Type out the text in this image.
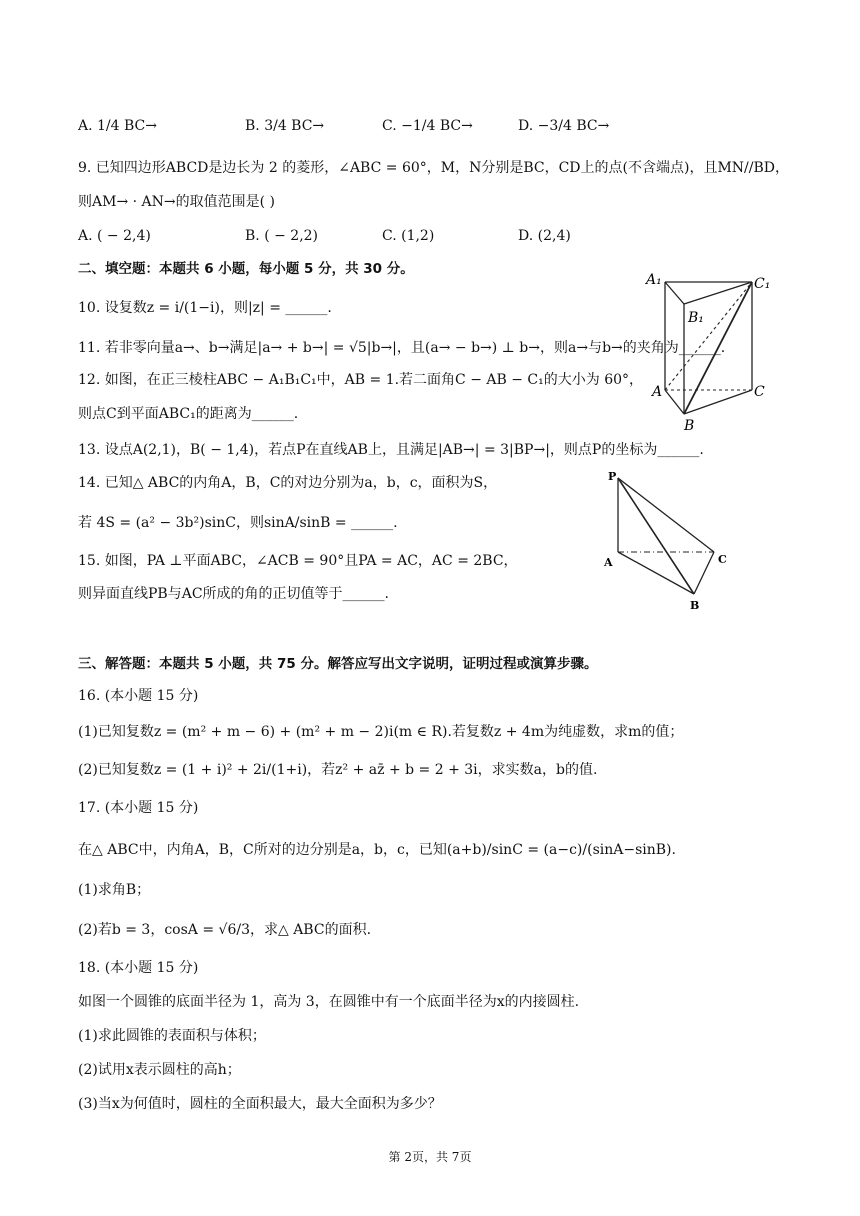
A. 1/4 BC→	B. 3/4 BC→	C. −1/4 BC→	D. −3/4 BC→
9. 已知四边形ABCD是边长为 2 的菱形，∠ABC = 60°，M，N分别是BC，CD上的点(不含端点)，且MN//BD，
则AM→ · AN→的取值范围是( )
A. ( − 2,4)	B. ( − 2,2)	C. (1,2)	D. (2,4)
二、填空题：本题共 6 小题，每小题 5 分，共 30 分。
10. 设复数z = i/(1−i)，则|z| = ______.
11. 若非零向量a→、b→满足|a→ + b→| = √5|b→|，且(a→ − b→) ⊥ b→，则a→与b→的夹角为______.
12. 如图，在正三棱柱ABC − A₁B₁C₁中，AB = 1.若二面角C − AB − C₁的大小为 60°，
则点C到平面ABC₁的距离为______.
13. 设点A(2,1)，B( − 1,4)，若点P在直线AB上，且满足|AB→| = 3|BP→|，则点P的坐标为______.
14. 已知△ ABC的内角A，B，C的对边分别为a，b，c，面积为S，
若 4S = (a² − 3b²)sinC，则sinA/sinB = ______.
15. 如图，PA ⊥平面ABC，∠ACB = 90°且PA = AC，AC = 2BC，
则异面直线PB与AC所成的角的正切值等于______.
A₁	C₁
B₁
A	C
B
P
A	C
B
三、解答题：本题共 5 小题，共 75 分。解答应写出文字说明，证明过程或演算步骤。
16. (本小题 15 分)
(1)已知复数z = (m² + m − 6) + (m² + m − 2)i(m ∈ R).若复数z + 4m为纯虚数，求m的值；
(2)已知复数z = (1 + i)² + 2i/(1+i)，若z² + az̄ + b = 2 + 3i，求实数a，b的值.
17. (本小题 15 分)
在△ ABC中，内角A，B，C所对的边分别是a，b，c，已知(a+b)/sinC = (a−c)/(sinA−sinB).
(1)求角B；
(2)若b = 3，cosA = √6/3，求△ ABC的面积.
18. (本小题 15 分)
如图一个圆锥的底面半径为 1，高为 3，在圆锥中有一个底面半径为x的内接圆柱.
(1)求此圆锥的表面积与体积；
(2)试用x表示圆柱的高h；
(3)当x为何值时，圆柱的全面积最大，最大全面积为多少？
第 2页，共 7页
